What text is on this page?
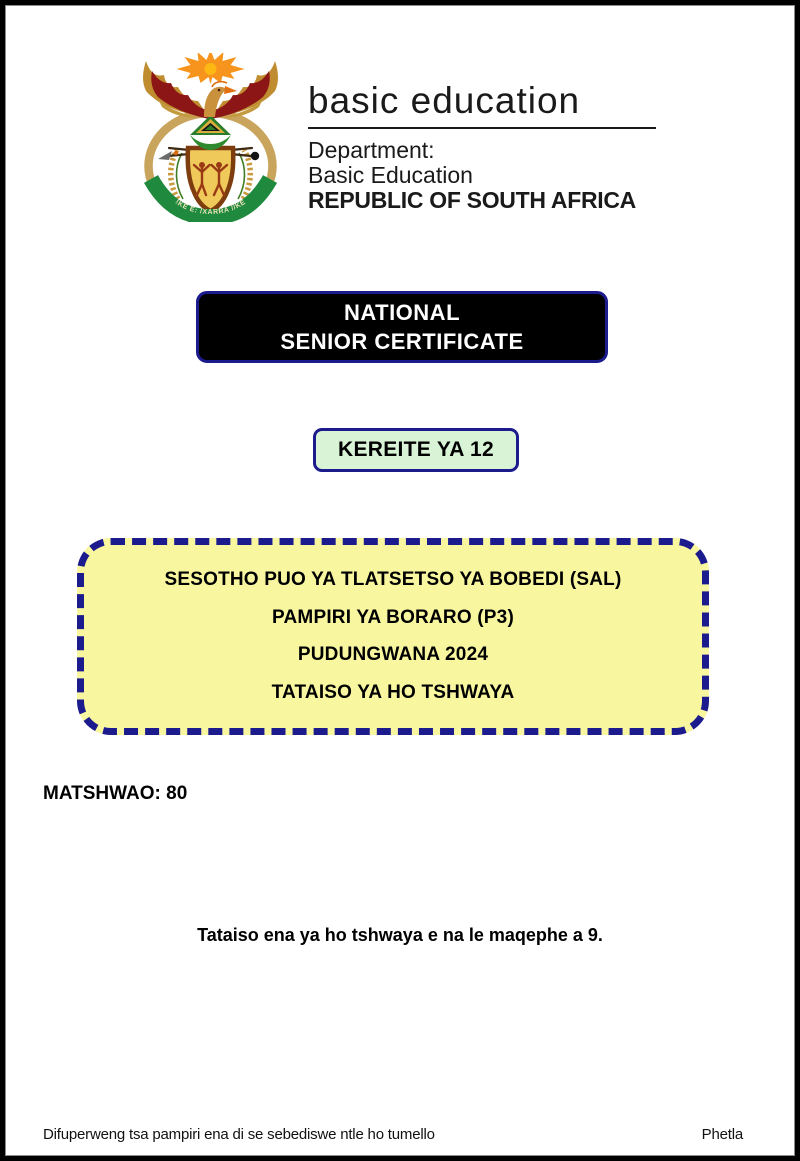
!KE E: /XARRA //KE
basic education
Department:
Basic Education
REPUBLIC OF SOUTH AFRICA
NATIONAL
SENIOR CERTIFICATE
KEREITE YA 12
SESOTHO PUO YA TLATSETSO YA BOBEDI (SAL)
PAMPIRI YA BORARO (P3)
PUDUNGWANA 2024
TATAISO YA HO TSHWAYA
MATSHWAO: 80
Tataiso ena ya ho tshwaya e na le maqephe a 9.
Difuperweng tsa pampiri ena di se sebediswe ntle ho tumello	Phetla
